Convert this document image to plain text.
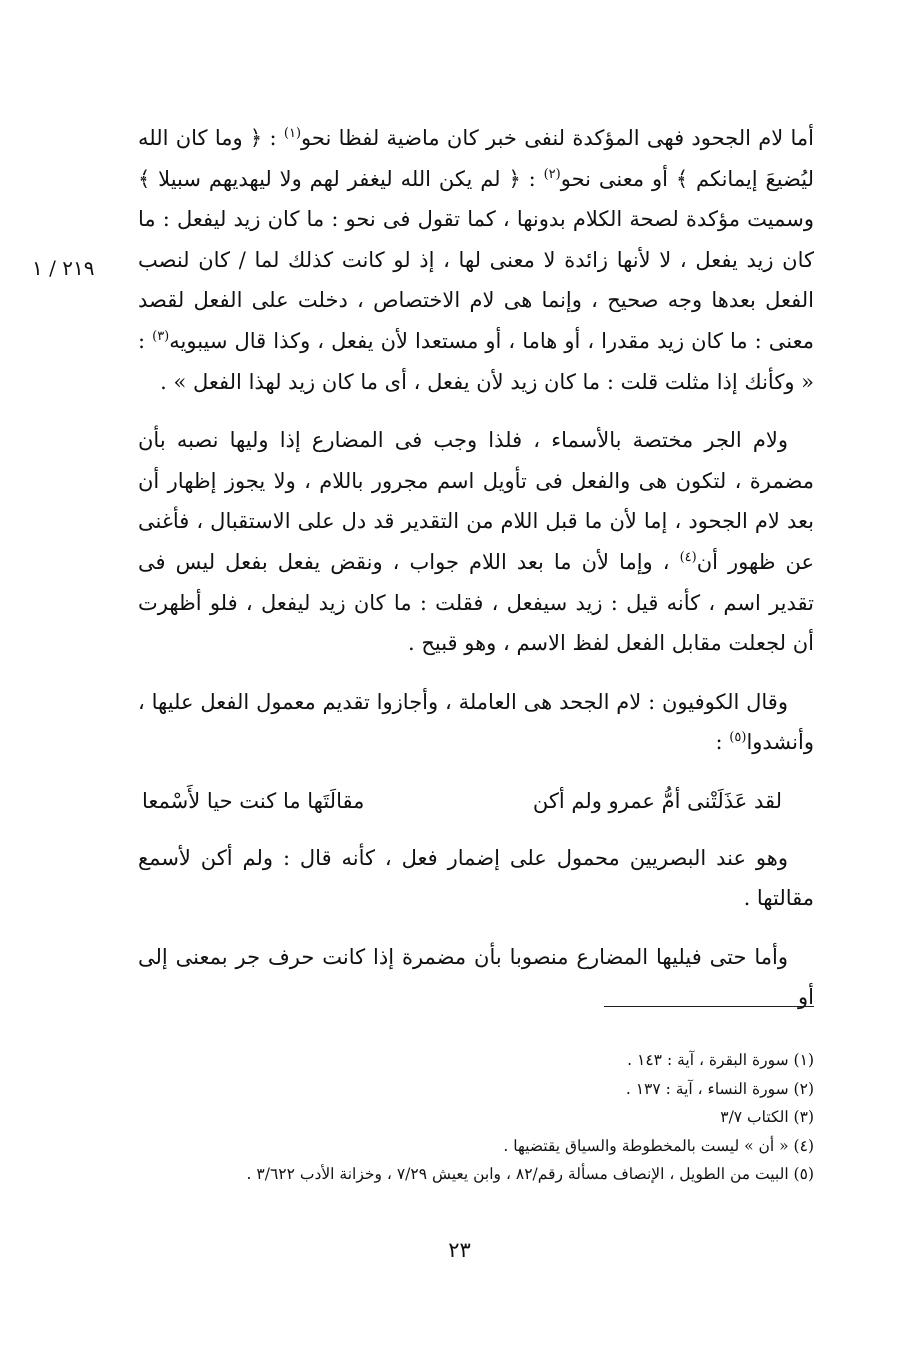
٢١٩ / ١

أما لام الجحود فهى المؤكدة لنفى خبر كان ماضية لفظا نحو$^{(١)}$ : ﴿ وما كان الله ليُضيعَ إيمانكم ﴾ أو معنى نحو$^{(٢)}$ : ﴿ لم يكن الله ليغفر لهم ولا ليهديهم سبيلا ﴾ وسميت مؤكدة لصحة الكلام بدونها ، كما تقول فى نحو : ما كان زيد ليفعل : ما كان زيد يفعل ، لا لأنها زائدة لا معنى لها ، إذ لو كانت كذلك لما / كان لنصب الفعل بعدها وجه صحيح ، وإنما هى لام الاختصاص ، دخلت على الفعل لقصد معنى : ما كان زيد مقدرا ، أو هاما ، أو مستعدا لأن يفعل ، وكذا قال سيبويه$^{(٣)}$ : « وكأنك إذا مثلت قلت : ما كان زيد لأن يفعل ، أى ما كان زيد لهذا الفعل » .

ولام الجر مختصة بالأسماء ، فلذا وجب فى المضارع إذا وليها نصبه بأن مضمرة ، لتكون هى والفعل فى تأويل اسم مجرور باللام ، ولا يجوز إظهار أن بعد لام الجحود ، إما لأن ما قبل اللام من التقدير قد دل على الاستقبال ، فأغنى عن ظهور أن$^{(٤)}$ ، وإما لأن ما بعد اللام جواب ، ونقض يفعل بفعل ليس فى تقدير اسم ، كأنه قيل : زيد سيفعل ، فقلت : ما كان زيد ليفعل ، فلو أظهرت أن لجعلت مقابل الفعل لفظ الاسم ، وهو قبيح .

وقال الكوفيون : لام الجحد هى العاملة ، وأجازوا تقديم معمول الفعل عليها ، وأنشدوا$^{(٥)}$ :

لقد عَذَلَتْنى أمُّ عمرو ولم أكن
مقالَتَها ما كنت حيا لأَسْمعا

وهو عند البصريين محمول على إضمار فعل ، كأنه قال : ولم أكن لأسمع مقالتها .

وأما حتى فيليها المضارع منصوبا بأن مضمرة إذا كانت حرف جر بمعنى إلى أو

(١) سورة البقرة ، آية : ١٤٣ .
(٢) سورة النساء ، آية : ١٣٧ .
(٣) الكتاب ٣/٧
(٤) « أن » ليست بالمخطوطة والسياق يقتضيها .
(٥) البيت من الطويل ، الإنصاف مسألة رقم/٨٢ ، وابن يعيش ٧/٢٩ ، وخزانة الأدب ٣/٦٢٢ .
٢٣
